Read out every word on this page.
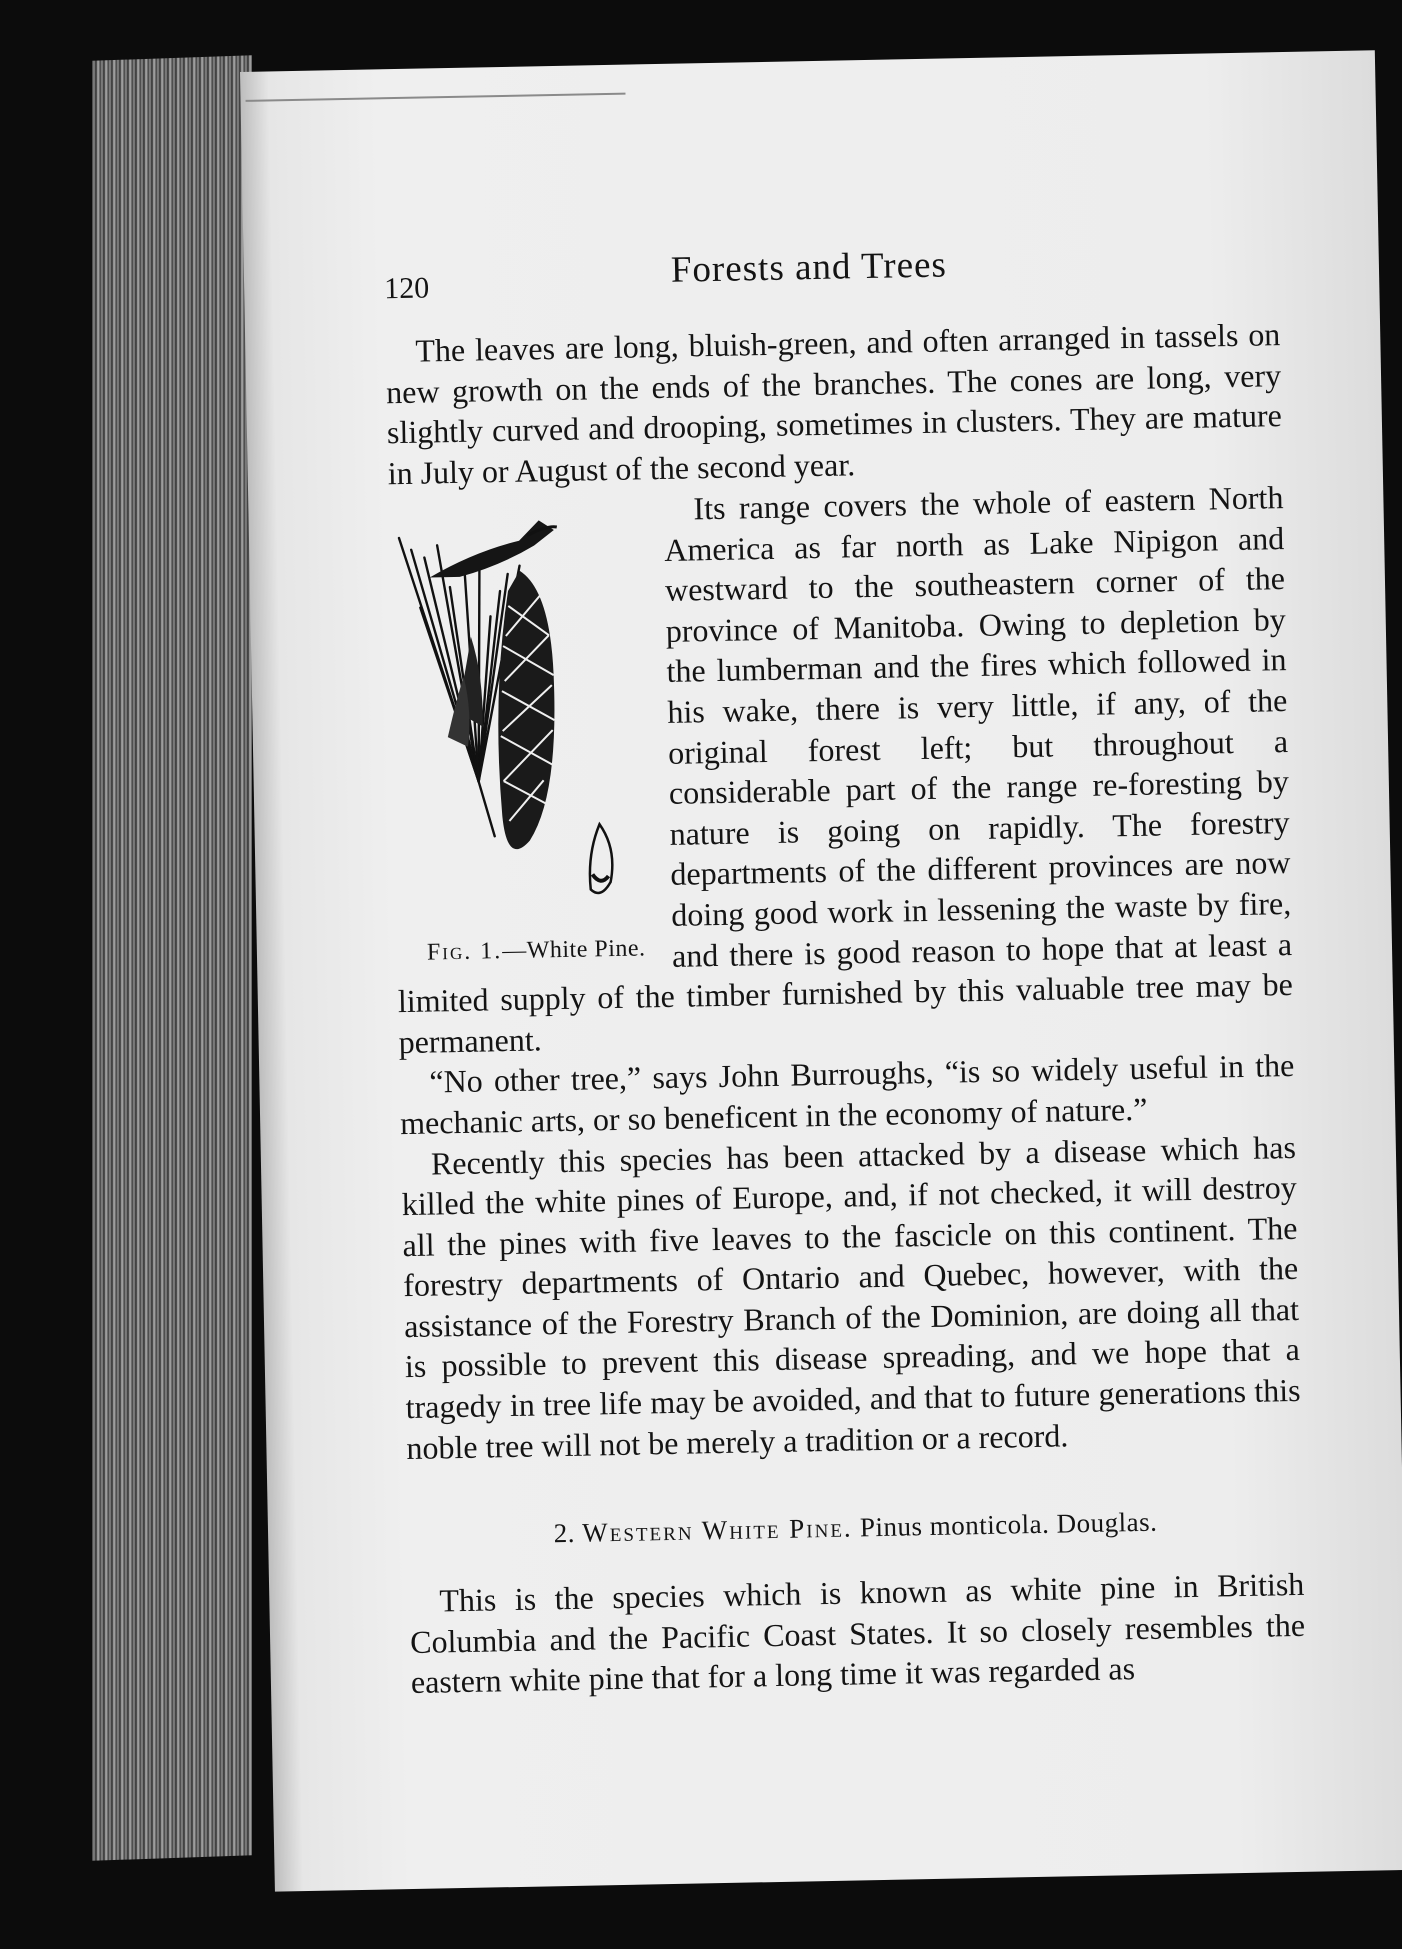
120	Forests and Trees

The leaves are long, bluish-green, and often arranged in tassels on new growth on the ends of the branches. The cones are long, very slightly curved and drooping, sometimes in clusters. They are mature in July or August of the second year.

Fig. 1.—White Pine.
Its range covers the whole of eastern North America as far north as Lake Nipigon and westward to the southeastern corner of the province of Manitoba. Owing to depletion by the lumberman and the fires which followed in his wake, there is very little, if any, of the original forest left; but throughout a considerable part of the range re-foresting by nature is going on rapidly. The forestry departments of the different provinces are now doing good work in lessening the waste by fire, and there is good reason to hope that at least a limited supply of the timber furnished by this valuable tree may be permanent.

“No other tree,” says John Burroughs, “is so widely useful in the mechanic arts, or so beneficent in the economy of nature.”

Recently this species has been attacked by a disease which has killed the white pines of Europe, and, if not checked, it will destroy all the pines with five leaves to the fascicle on this continent. The forestry departments of Ontario and Quebec, however, with the assistance of the Forestry Branch of the Dominion, are doing all that is possible to prevent this disease spreading, and we hope that a tragedy in tree life may be avoided, and that to future generations this noble tree will not be merely a tradition or a record.

2. Western White Pine. Pinus monticola. Douglas.

This is the species which is known as white pine in British Columbia and the Pacific Coast States. It so closely resembles the eastern white pine that for a long time it was regarded as
